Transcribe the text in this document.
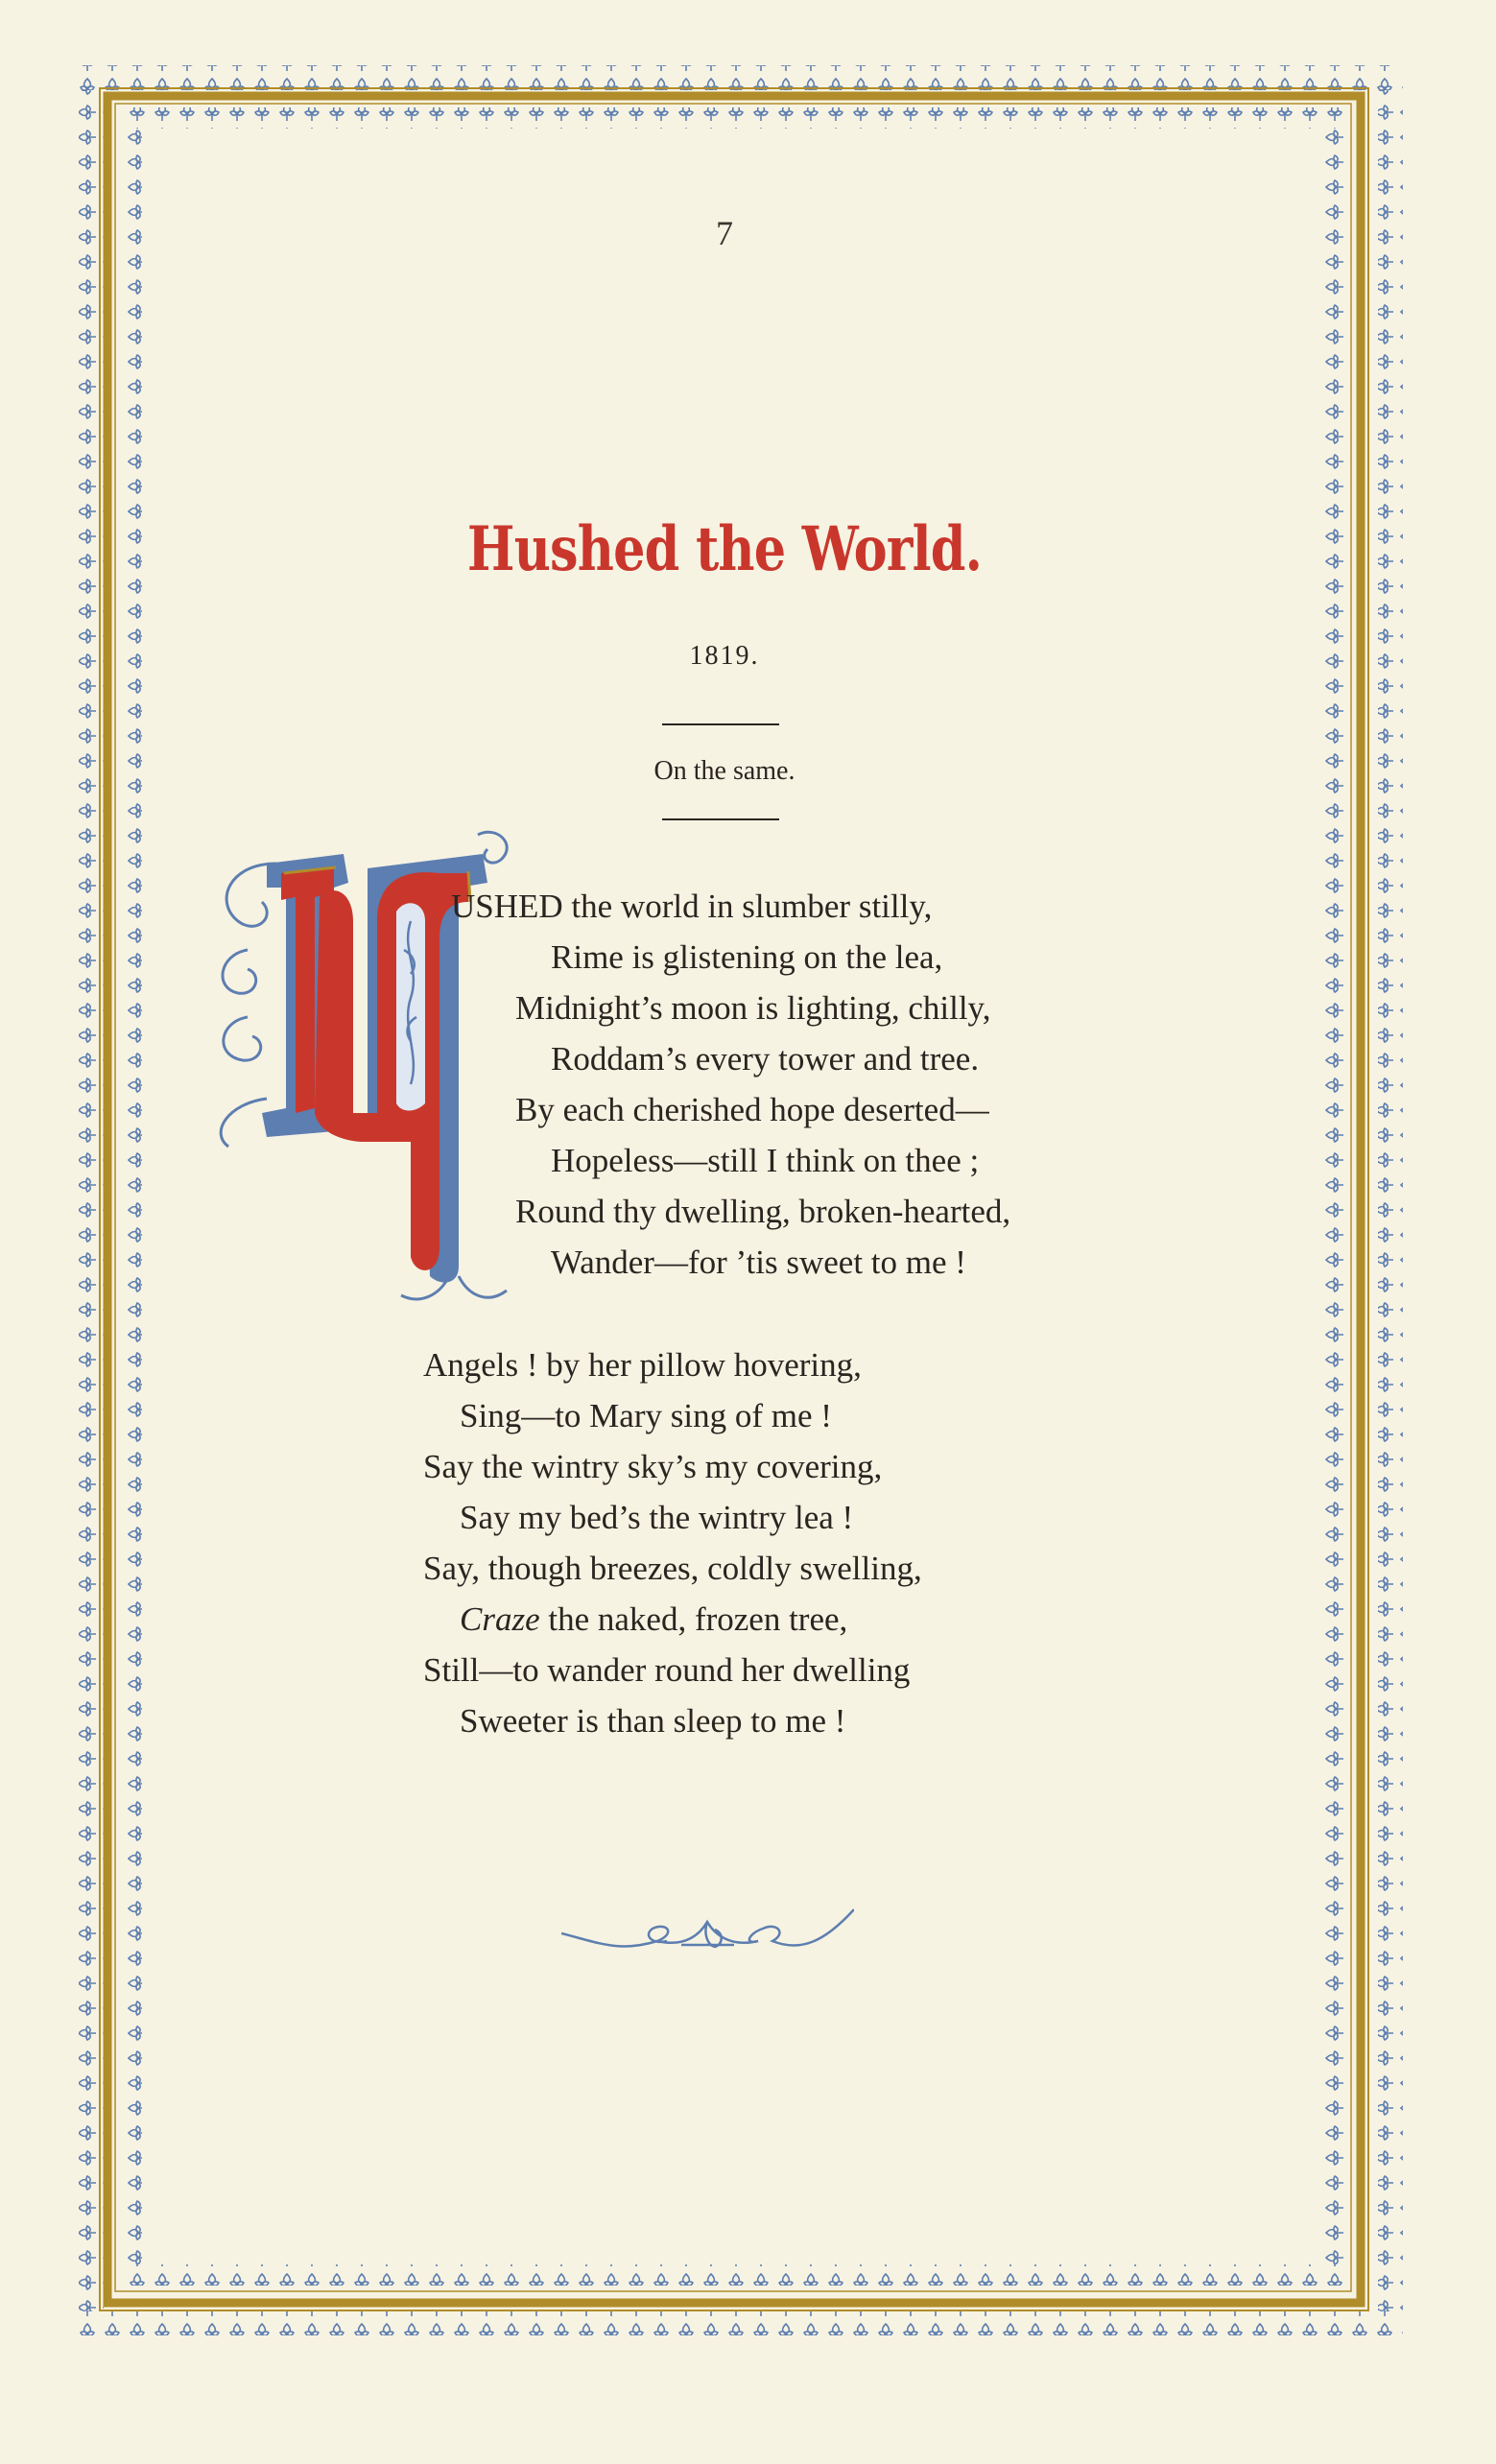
7
Hushed the World.
1819.
On the same.
USHED the world in slumber stilly,
Rime is glistening on the lea,
Midnight’s moon is lighting, chilly,
Roddam’s every tower and tree.
By each cherished hope deserted—
Hopeless—still I think on thee ;
Round thy dwelling, broken-hearted,
Wander—for ’tis sweet to me !
Angels ! by her pillow hovering,
Sing—to Mary sing of me !
Say the wintry sky’s my covering,
Say my bed’s the wintry lea !
Say, though breezes, coldly swelling,
Craze the naked, frozen tree,
Still—to wander round her dwelling
Sweeter is than sleep to me !
